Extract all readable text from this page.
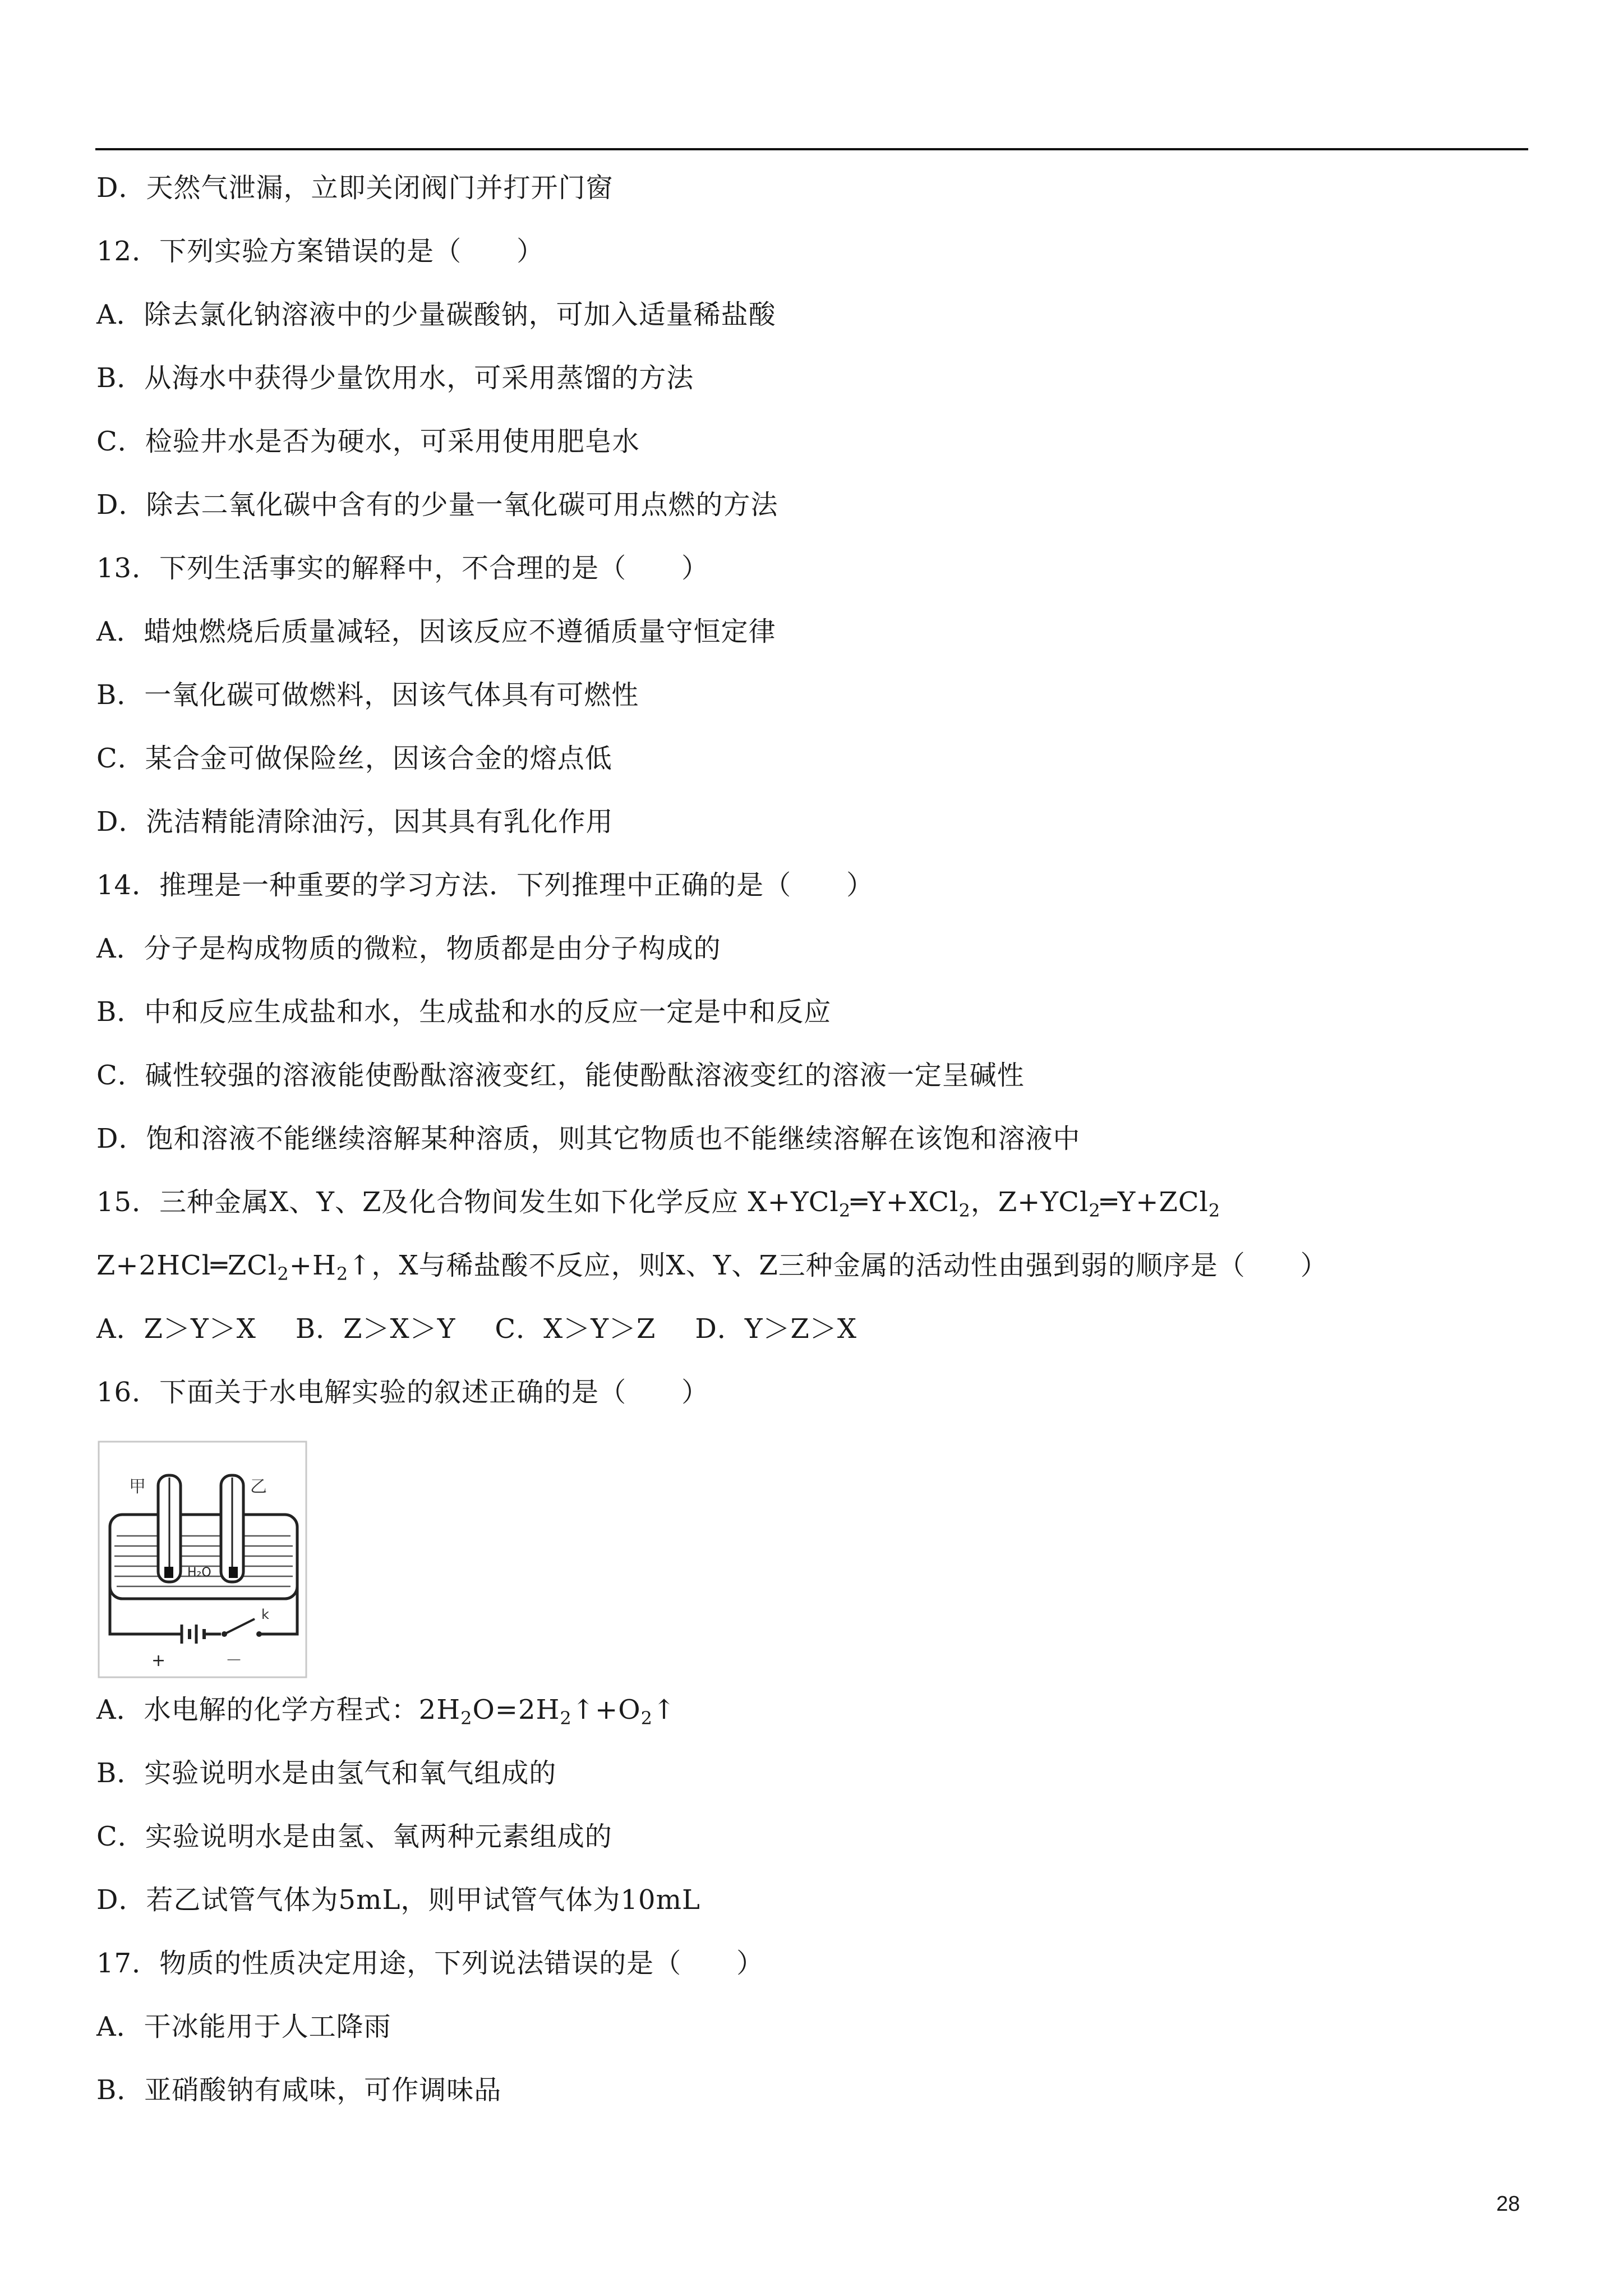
D．天然气泄漏，立即关闭阀门并打开门窗
12．下列实验方案错误的是（　　）
A．除去氯化钠溶液中的少量碳酸钠，可加入适量稀盐酸
B．从海水中获得少量饮用水，可采用蒸馏的方法
C．检验井水是否为硬水，可采用使用肥皂水
D．除去二氧化碳中含有的少量一氧化碳可用点燃的方法
13．下列生活事实的解释中，不合理的是（　　）
A．蜡烛燃烧后质量减轻，因该反应不遵循质量守恒定律
B．一氧化碳可做燃料，因该气体具有可燃性
C．某合金可做保险丝，因该合金的熔点低
D．洗洁精能清除油污，因其具有乳化作用
14．推理是一种重要的学习方法．下列推理中正确的是（　　）
A．分子是构成物质的微粒，物质都是由分子构成的
B．中和反应生成盐和水，生成盐和水的反应一定是中和反应
C．碱性较强的溶液能使酚酞溶液变红，能使酚酞溶液变红的溶液一定呈碱性
D．饱和溶液不能继续溶解某种溶质，则其它物质也不能继续溶解在该饱和溶液中
15．三种金属X、Y、Z及化合物间发生如下化学反应 X+YCl$_2$═Y+XCl$_2$，Z+YCl$_2$═Y+ZCl$_2$
$Z+2HCl═ZCl_2+H_2↑$，X与稀盐酸不反应，则X、Y、Z三种金属的活动性由强到弱的顺序是（　　）
A．Z＞Y＞X B．Z＞X＞Y C．X＞Y＞Z D．Y＞Z＞X
16．下面关于水电解实验的叙述正确的是（　　）
甲	乙
H₂O
k
+	－
A．水电解的化学方程式：$2H_2O=2H_2↑+O_2↑$
B．实验说明水是由氢气和氧气组成的
C．实验说明水是由氢、氧两种元素组成的
D．若乙试管气体为5mL，则甲试管气体为10mL
17．物质的性质决定用途，下列说法错误的是（　　）
A．干冰能用于人工降雨
B．亚硝酸钠有咸味，可作调味品
28
